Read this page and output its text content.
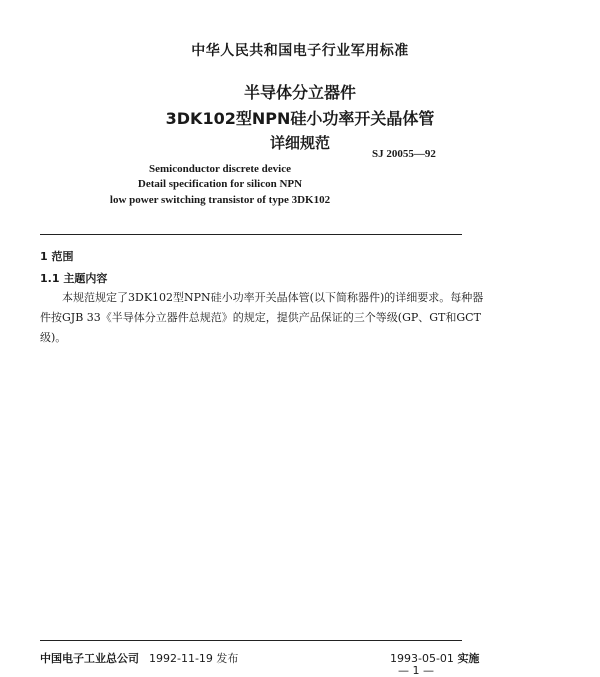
中华人民共和国电子行业军用标准
半导体分立器件
3DK102型NPN硅小功率开关晶体管
详细规范
SJ 20055—92
Semiconductor discrete device
Detail specification for silicon NPN
low power switching transistor of type 3DK102
1 范围
1.1 主题内容
本规范规定了3DK102型NPN硅小功率开关晶体管(以下简称器件)的详细要求。每种器
件按GJB 33《半导体分立器件总规范》的规定，提供产品保证的三个等级(GP、GT和GCT
级)。
中国电子工业总公司 1992-11-19 发布	1993-05-01 实施
— 1 —
